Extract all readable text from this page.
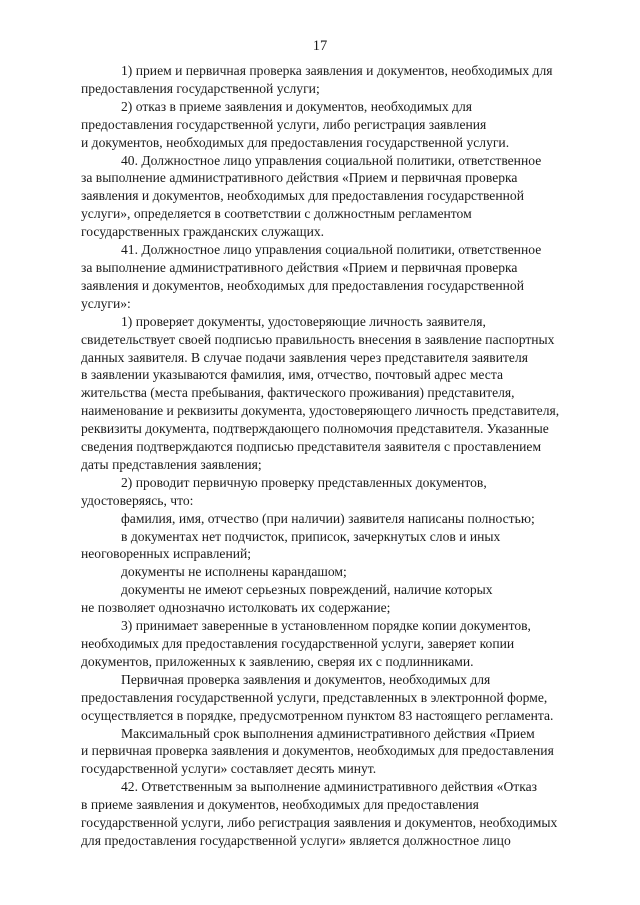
17

1) прием и первичная проверка заявления и документов, необходимых для
предоставления государственной услуги;

2) отказ в приеме заявления и документов, необходимых для
предоставления государственной услуги, либо регистрация заявления
и документов, необходимых для предоставления государственной услуги.

40. Должностное лицо управления социальной политики, ответственное
за выполнение административного действия «Прием и первичная проверка
заявления и документов, необходимых для предоставления государственной
услуги», определяется в соответствии с должностным регламентом
государственных гражданских служащих.

41. Должностное лицо управления социальной политики, ответственное
за выполнение административного действия «Прием и первичная проверка
заявления и документов, необходимых для предоставления государственной
услуги»:

1) проверяет документы, удостоверяющие личность заявителя,
свидетельствует своей подписью правильность внесения в заявление паспортных
данных заявителя. В случае подачи заявления через представителя заявителя
в заявлении указываются фамилия, имя, отчество, почтовый адрес места
жительства (места пребывания, фактического проживания) представителя,
наименование и реквизиты документа, удостоверяющего личность представителя,
реквизиты документа, подтверждающего полномочия представителя. Указанные
сведения подтверждаются подписью представителя заявителя с проставлением
даты представления заявления;

2) проводит первичную проверку представленных документов,
удостоверяясь, что:

фамилия, имя, отчество (при наличии) заявителя написаны полностью;

в документах нет подчисток, приписок, зачеркнутых слов и иных
неоговоренных исправлений;

документы не исполнены карандашом;

документы не имеют серьезных повреждений, наличие которых
не позволяет однозначно истолковать их содержание;

3) принимает заверенные в установленном порядке копии документов,
необходимых для предоставления государственной услуги, заверяет копии
документов, приложенных к заявлению, сверяя их с подлинниками.

Первичная проверка заявления и документов, необходимых для
предоставления государственной услуги, представленных в электронной форме,
осуществляется в порядке, предусмотренном пунктом 83 настоящего регламента.

Максимальный срок выполнения административного действия «Прием
и первичная проверка заявления и документов, необходимых для предоставления
государственной услуги» составляет десять минут.

42. Ответственным за выполнение административного действия «Отказ
в приеме заявления и документов, необходимых для предоставления
государственной услуги, либо регистрация заявления и документов, необходимых
для предоставления государственной услуги» является должностное лицо
